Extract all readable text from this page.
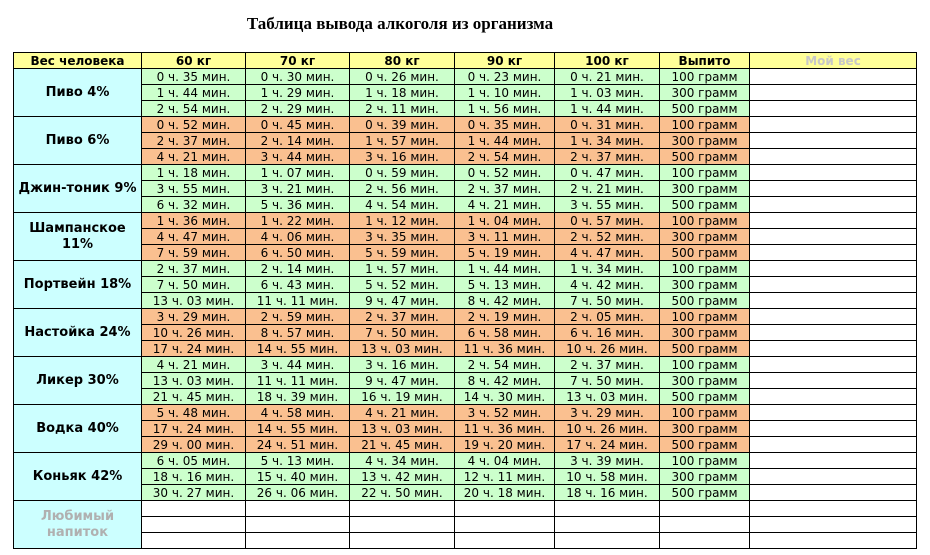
Таблица вывода алкоголя из организма
Вес человека	60 кг	70 кг	80 кг	90 кг	100 кг	Выпито	Мой вес
Пиво 4%	0 ч. 35 мин.	0 ч. 30 мин.	0 ч. 26 мин.	0 ч. 23 мин.	0 ч. 21 мин.	100 грамм	
	1 ч. 44 мин.	1 ч. 29 мин.	1 ч. 18 мин.	1 ч. 10 мин.	1 ч. 03 мин.	300 грамм	
	2 ч. 54 мин.	2 ч. 29 мин.	2 ч. 11 мин.	1 ч. 56 мин.	1 ч. 44 мин.	500 грамм	
Пиво 6%	0 ч. 52 мин.	0 ч. 45 мин.	0 ч. 39 мин.	0 ч. 35 мин.	0 ч. 31 мин.	100 грамм	
	2 ч. 37 мин.	2 ч. 14 мин.	1 ч. 57 мин.	1 ч. 44 мин.	1 ч. 34 мин.	300 грамм	
	4 ч. 21 мин.	3 ч. 44 мин.	3 ч. 16 мин.	2 ч. 54 мин.	2 ч. 37 мин.	500 грамм	
Джин-тоник 9%	1 ч. 18 мин.	1 ч. 07 мин.	0 ч. 59 мин.	0 ч. 52 мин.	0 ч. 47 мин.	100 грамм	
	3 ч. 55 мин.	3 ч. 21 мин.	2 ч. 56 мин.	2 ч. 37 мин.	2 ч. 21 мин.	300 грамм	
	6 ч. 32 мин.	5 ч. 36 мин.	4 ч. 54 мин.	4 ч. 21 мин.	3 ч. 55 мин.	500 грамм	
Шампанское 11%	1 ч. 36 мин.	1 ч. 22 мин.	1 ч. 12 мин.	1 ч. 04 мин.	0 ч. 57 мин.	100 грамм	
	4 ч. 47 мин.	4 ч. 06 мин.	3 ч. 35 мин.	3 ч. 11 мин.	2 ч. 52 мин.	300 грамм	
	7 ч. 59 мин.	6 ч. 50 мин.	5 ч. 59 мин.	5 ч. 19 мин.	4 ч. 47 мин.	500 грамм	
Портвейн 18%	2 ч. 37 мин.	2 ч. 14 мин.	1 ч. 57 мин.	1 ч. 44 мин.	1 ч. 34 мин.	100 грамм	
	7 ч. 50 мин.	6 ч. 43 мин.	5 ч. 52 мин.	5 ч. 13 мин.	4 ч. 42 мин.	300 грамм	
	13 ч. 03 мин.	11 ч. 11 мин.	9 ч. 47 мин.	8 ч. 42 мин.	7 ч. 50 мин.	500 грамм	
Настойка 24%	3 ч. 29 мин.	2 ч. 59 мин.	2 ч. 37 мин.	2 ч. 19 мин.	2 ч. 05 мин.	100 грамм	
	10 ч. 26 мин.	8 ч. 57 мин.	7 ч. 50 мин.	6 ч. 58 мин.	6 ч. 16 мин.	300 грамм	
	17 ч. 24 мин.	14 ч. 55 мин.	13 ч. 03 мин.	11 ч. 36 мин.	10 ч. 26 мин.	500 грамм	
Ликер 30%	4 ч. 21 мин.	3 ч. 44 мин.	3 ч. 16 мин.	2 ч. 54 мин.	2 ч. 37 мин.	100 грамм	
	13 ч. 03 мин.	11 ч. 11 мин.	9 ч. 47 мин.	8 ч. 42 мин.	7 ч. 50 мин.	300 грамм	
	21 ч. 45 мин.	18 ч. 39 мин.	16 ч. 19 мин.	14 ч. 30 мин.	13 ч. 03 мин.	500 грамм	
Водка 40%	5 ч. 48 мин.	4 ч. 58 мин.	4 ч. 21 мин.	3 ч. 52 мин.	3 ч. 29 мин.	100 грамм	
	17 ч. 24 мин.	14 ч. 55 мин.	13 ч. 03 мин.	11 ч. 36 мин.	10 ч. 26 мин.	300 грамм	
	29 ч. 00 мин.	24 ч. 51 мин.	21 ч. 45 мин.	19 ч. 20 мин.	17 ч. 24 мин.	500 грамм	
Коньяк 42%	6 ч. 05 мин.	5 ч. 13 мин.	4 ч. 34 мин.	4 ч. 04 мин.	3 ч. 39 мин.	100 грамм	
	18 ч. 16 мин.	15 ч. 40 мин.	13 ч. 42 мин.	12 ч. 11 мин.	10 ч. 58 мин.	300 грамм	
	30 ч. 27 мин.	26 ч. 06 мин.	22 ч. 50 мин.	20 ч. 18 мин.	18 ч. 16 мин.	500 грамм	
Любимый напиток							
